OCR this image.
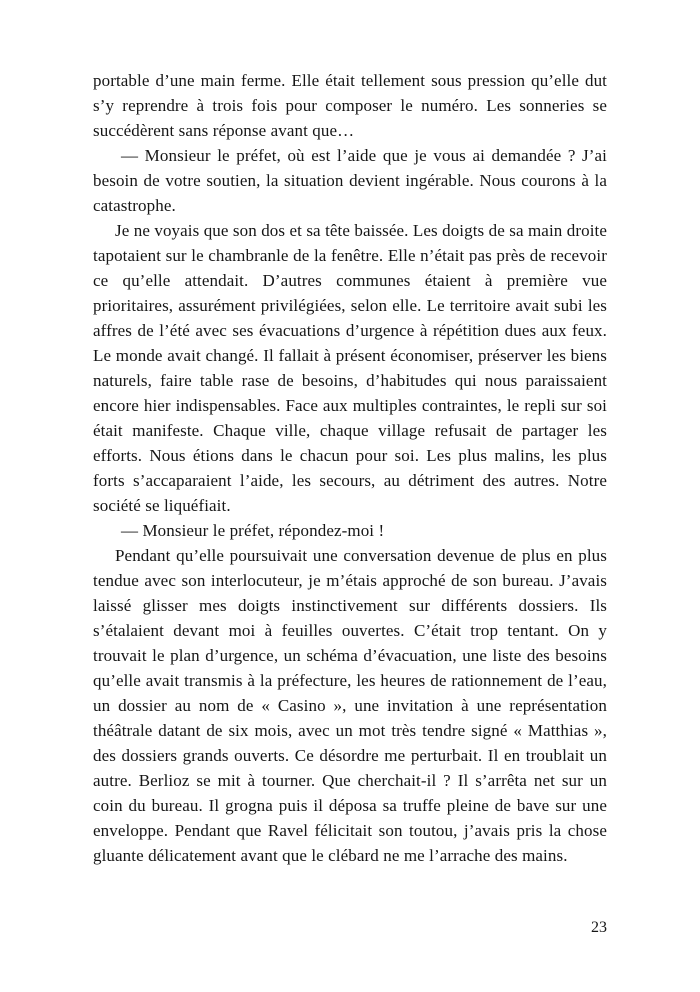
portable d’une main ferme. Elle était tellement sous pression qu’elle dut s’y reprendre à trois fois pour composer le numéro. Les sonneries se succédèrent sans réponse avant que…

— Monsieur le préfet, où est l’aide que je vous ai demandée ? J’ai besoin de votre soutien, la situation devient ingérable. Nous courons à la catastrophe.

Je ne voyais que son dos et sa tête baissée. Les doigts de sa main droite tapotaient sur le chambranle de la fenêtre. Elle n’était pas près de recevoir ce qu’elle attendait. D’autres communes étaient à première vue prioritaires, assurément privilégiées, selon elle. Le territoire avait subi les affres de l’été avec ses évacuations d’urgence à répétition dues aux feux. Le monde avait changé. Il fallait à présent économiser, préserver les biens naturels, faire table rase de besoins, d’habitudes qui nous paraissaient encore hier indispensables. Face aux multiples contraintes, le repli sur soi était manifeste. Chaque ville, chaque village refusait de partager les efforts. Nous étions dans le chacun pour soi. Les plus malins, les plus forts s’accaparaient l’aide, les secours, au détriment des autres. Notre société se liquéfiait.

— Monsieur le préfet, répondez-moi !

Pendant qu’elle poursuivait une conversation devenue de plus en plus tendue avec son interlocuteur, je m’étais approché de son bureau. J’avais laissé glisser mes doigts instinctivement sur différents dossiers. Ils s’étalaient devant moi à feuilles ouvertes. C’était trop tentant. On y trouvait le plan d’urgence, un schéma d’évacuation, une liste des besoins qu’elle avait transmis à la préfecture, les heures de rationnement de l’eau, un dossier au nom de « Casino », une invitation à une représentation théâtrale datant de six mois, avec un mot très tendre signé « Matthias », des dossiers grands ouverts. Ce désordre me perturbait. Il en troublait un autre. Berlioz se mit à tourner. Que cherchait-il ? Il s’arrêta net sur un coin du bureau. Il grogna puis il déposa sa truffe pleine de bave sur une enveloppe. Pendant que Ravel félicitait son toutou, j’avais pris la chose gluante délicatement avant que le clébard ne me l’arrache des mains.

23
